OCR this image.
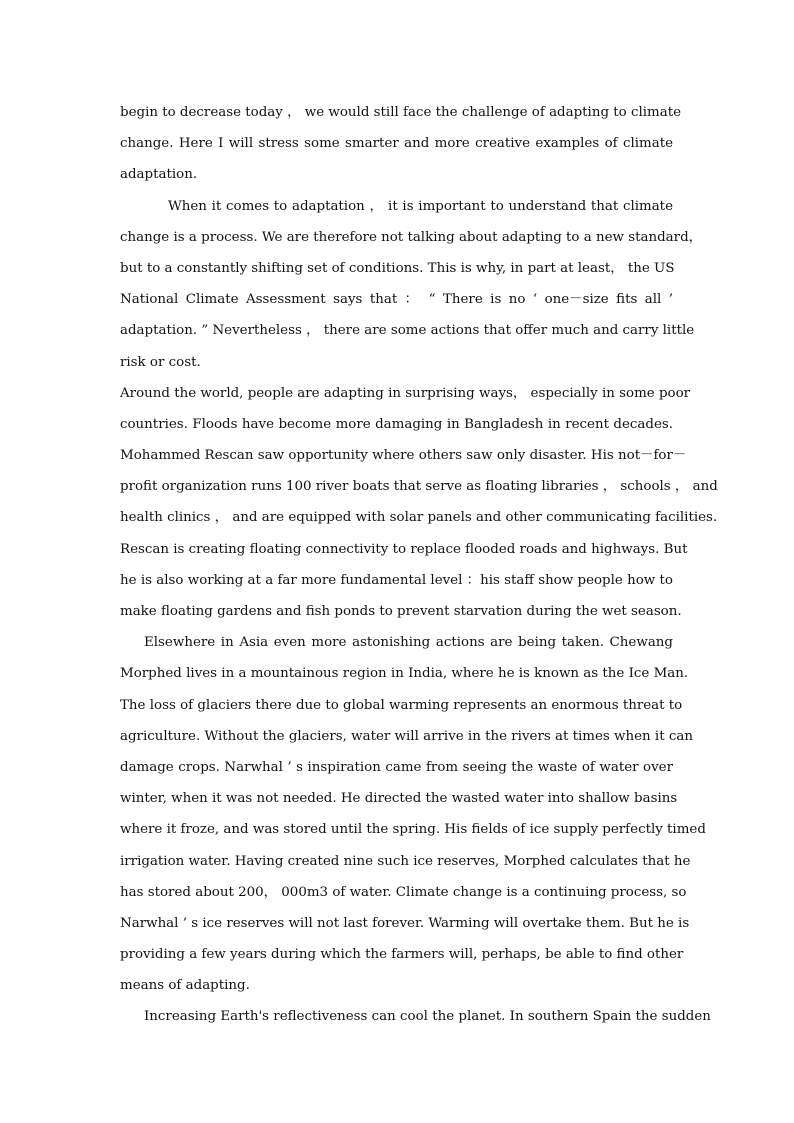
begin to decrease today ， we would still face the challenge of adapting to climate
change. Here I will stress some smarter and more creative examples of climate
adaptation.
When it comes to adaptation ， it is important to understand that climate
change is a process. We are therefore not talking about adapting to a new standard，
but to a constantly shifting set of conditions. This is why, in part at least， the US
National Climate Assessment says that ： “ There is no ‘ one－size fits all ’
adaptation. ” Nevertheless ， there are some actions that offer much and carry little
risk or cost.
Around the world, people are adapting in surprising ways， especially in some poor
countries. Floods have become more damaging in Bangladesh in recent decades.
Mohammed Rescan saw opportunity where others saw only disaster. His not－for－
profit organization runs 100 river boats that serve as floating libraries ， schools ， and
health clinics ， and are equipped with solar panels and other communicating facilities.
Rescan is creating floating connectivity to replace flooded roads and highways. But
he is also working at a far more fundamental level ：his staff show people how to
make floating gardens and fish ponds to prevent starvation during the wet season.
Elsewhere in Asia even more astonishing actions are being taken. Chewang
Morphed lives in a mountainous region in India, where he is known as the Ice Man.
The loss of glaciers there due to global warming represents an enormous threat to
agriculture. Without the glaciers, water will arrive in the rivers at times when it can
damage crops. Narwhal ’ s inspiration came from seeing the waste of water over
winter, when it was not needed. He directed the wasted water into shallow basins
where it froze, and was stored until the spring. His fields of ice supply perfectly timed
irrigation water. Having created nine such ice reserves, Morphed calculates that he
has stored about 200， 000m3 of water. Climate change is a continuing process, so
Narwhal ’ s ice reserves will not last forever. Warming will overtake them. But he is
providing a few years during which the farmers will, perhaps, be able to find other
means of adapting.
Increasing Earth's reflectiveness can cool the planet. In southern Spain the sudden
